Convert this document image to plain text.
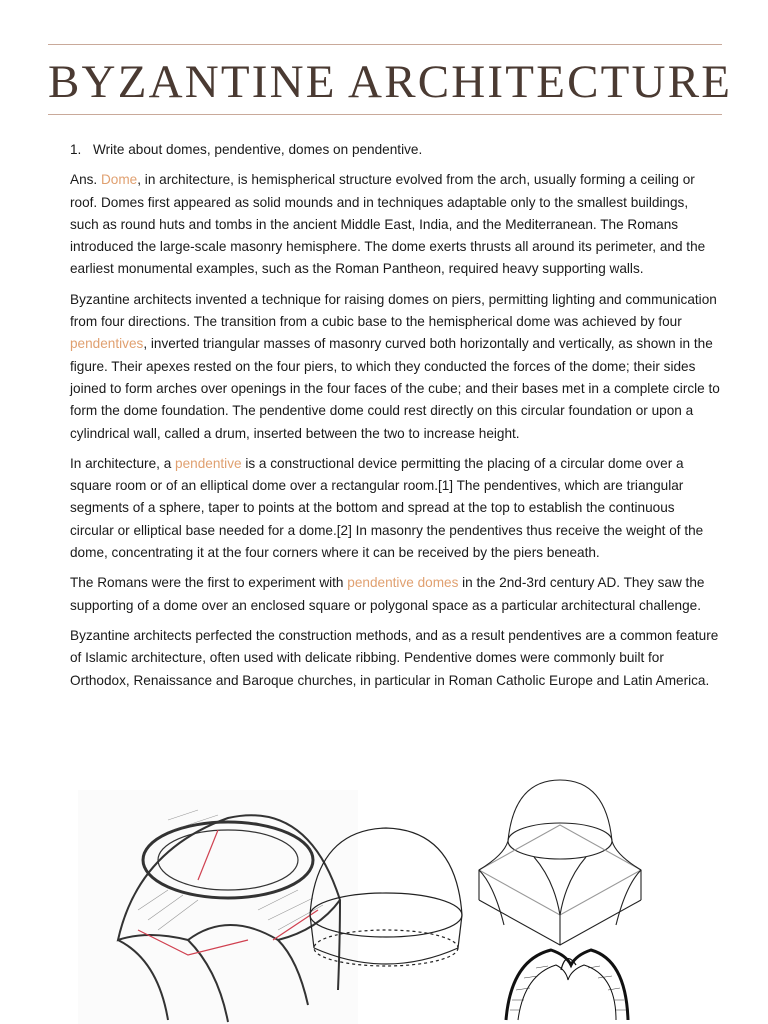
BYZANTINE ARCHITECTURE

1. Write about domes, pendentive, domes on pendentive.

Ans. Dome, in architecture, is hemispherical structure evolved from the arch, usually forming a ceiling or roof. Domes first appeared as solid mounds and in techniques adaptable only to the smallest buildings, such as round huts and tombs in the ancient Middle East, India, and the Mediterranean. The Romans introduced the large-scale masonry hemisphere. The dome exerts thrusts all around its perimeter, and the earliest monumental examples, such as the Roman Pantheon, required heavy supporting walls.

Byzantine architects invented a technique for raising domes on piers, permitting lighting and communication from four directions. The transition from a cubic base to the hemispherical dome was achieved by four pendentives, inverted triangular masses of masonry curved both horizontally and vertically, as shown in the figure. Their apexes rested on the four piers, to which they conducted the forces of the dome; their sides joined to form arches over openings in the four faces of the cube; and their bases met in a complete circle to form the dome foundation. The pendentive dome could rest directly on this circular foundation or upon a cylindrical wall, called a drum, inserted between the two to increase height.

In architecture, a pendentive is a constructional device permitting the placing of a circular dome over a square room or of an elliptical dome over a rectangular room.[1] The pendentives, which are triangular segments of a sphere, taper to points at the bottom and spread at the top to establish the continuous circular or elliptical base needed for a dome.[2] In masonry the pendentives thus receive the weight of the dome, concentrating it at the four corners where it can be received by the piers beneath.

The Romans were the first to experiment with pendentive domes in the 2nd-3rd century AD. They saw the supporting of a dome over an enclosed square or polygonal space as a particular architectural challenge.

Byzantine architects perfected the construction methods, and as a result pendentives are a common feature of Islamic architecture, often used with delicate ribbing. Pendentive domes were commonly built for Orthodox, Renaissance and Baroque churches, in particular in Roman Catholic Europe and Latin America.
